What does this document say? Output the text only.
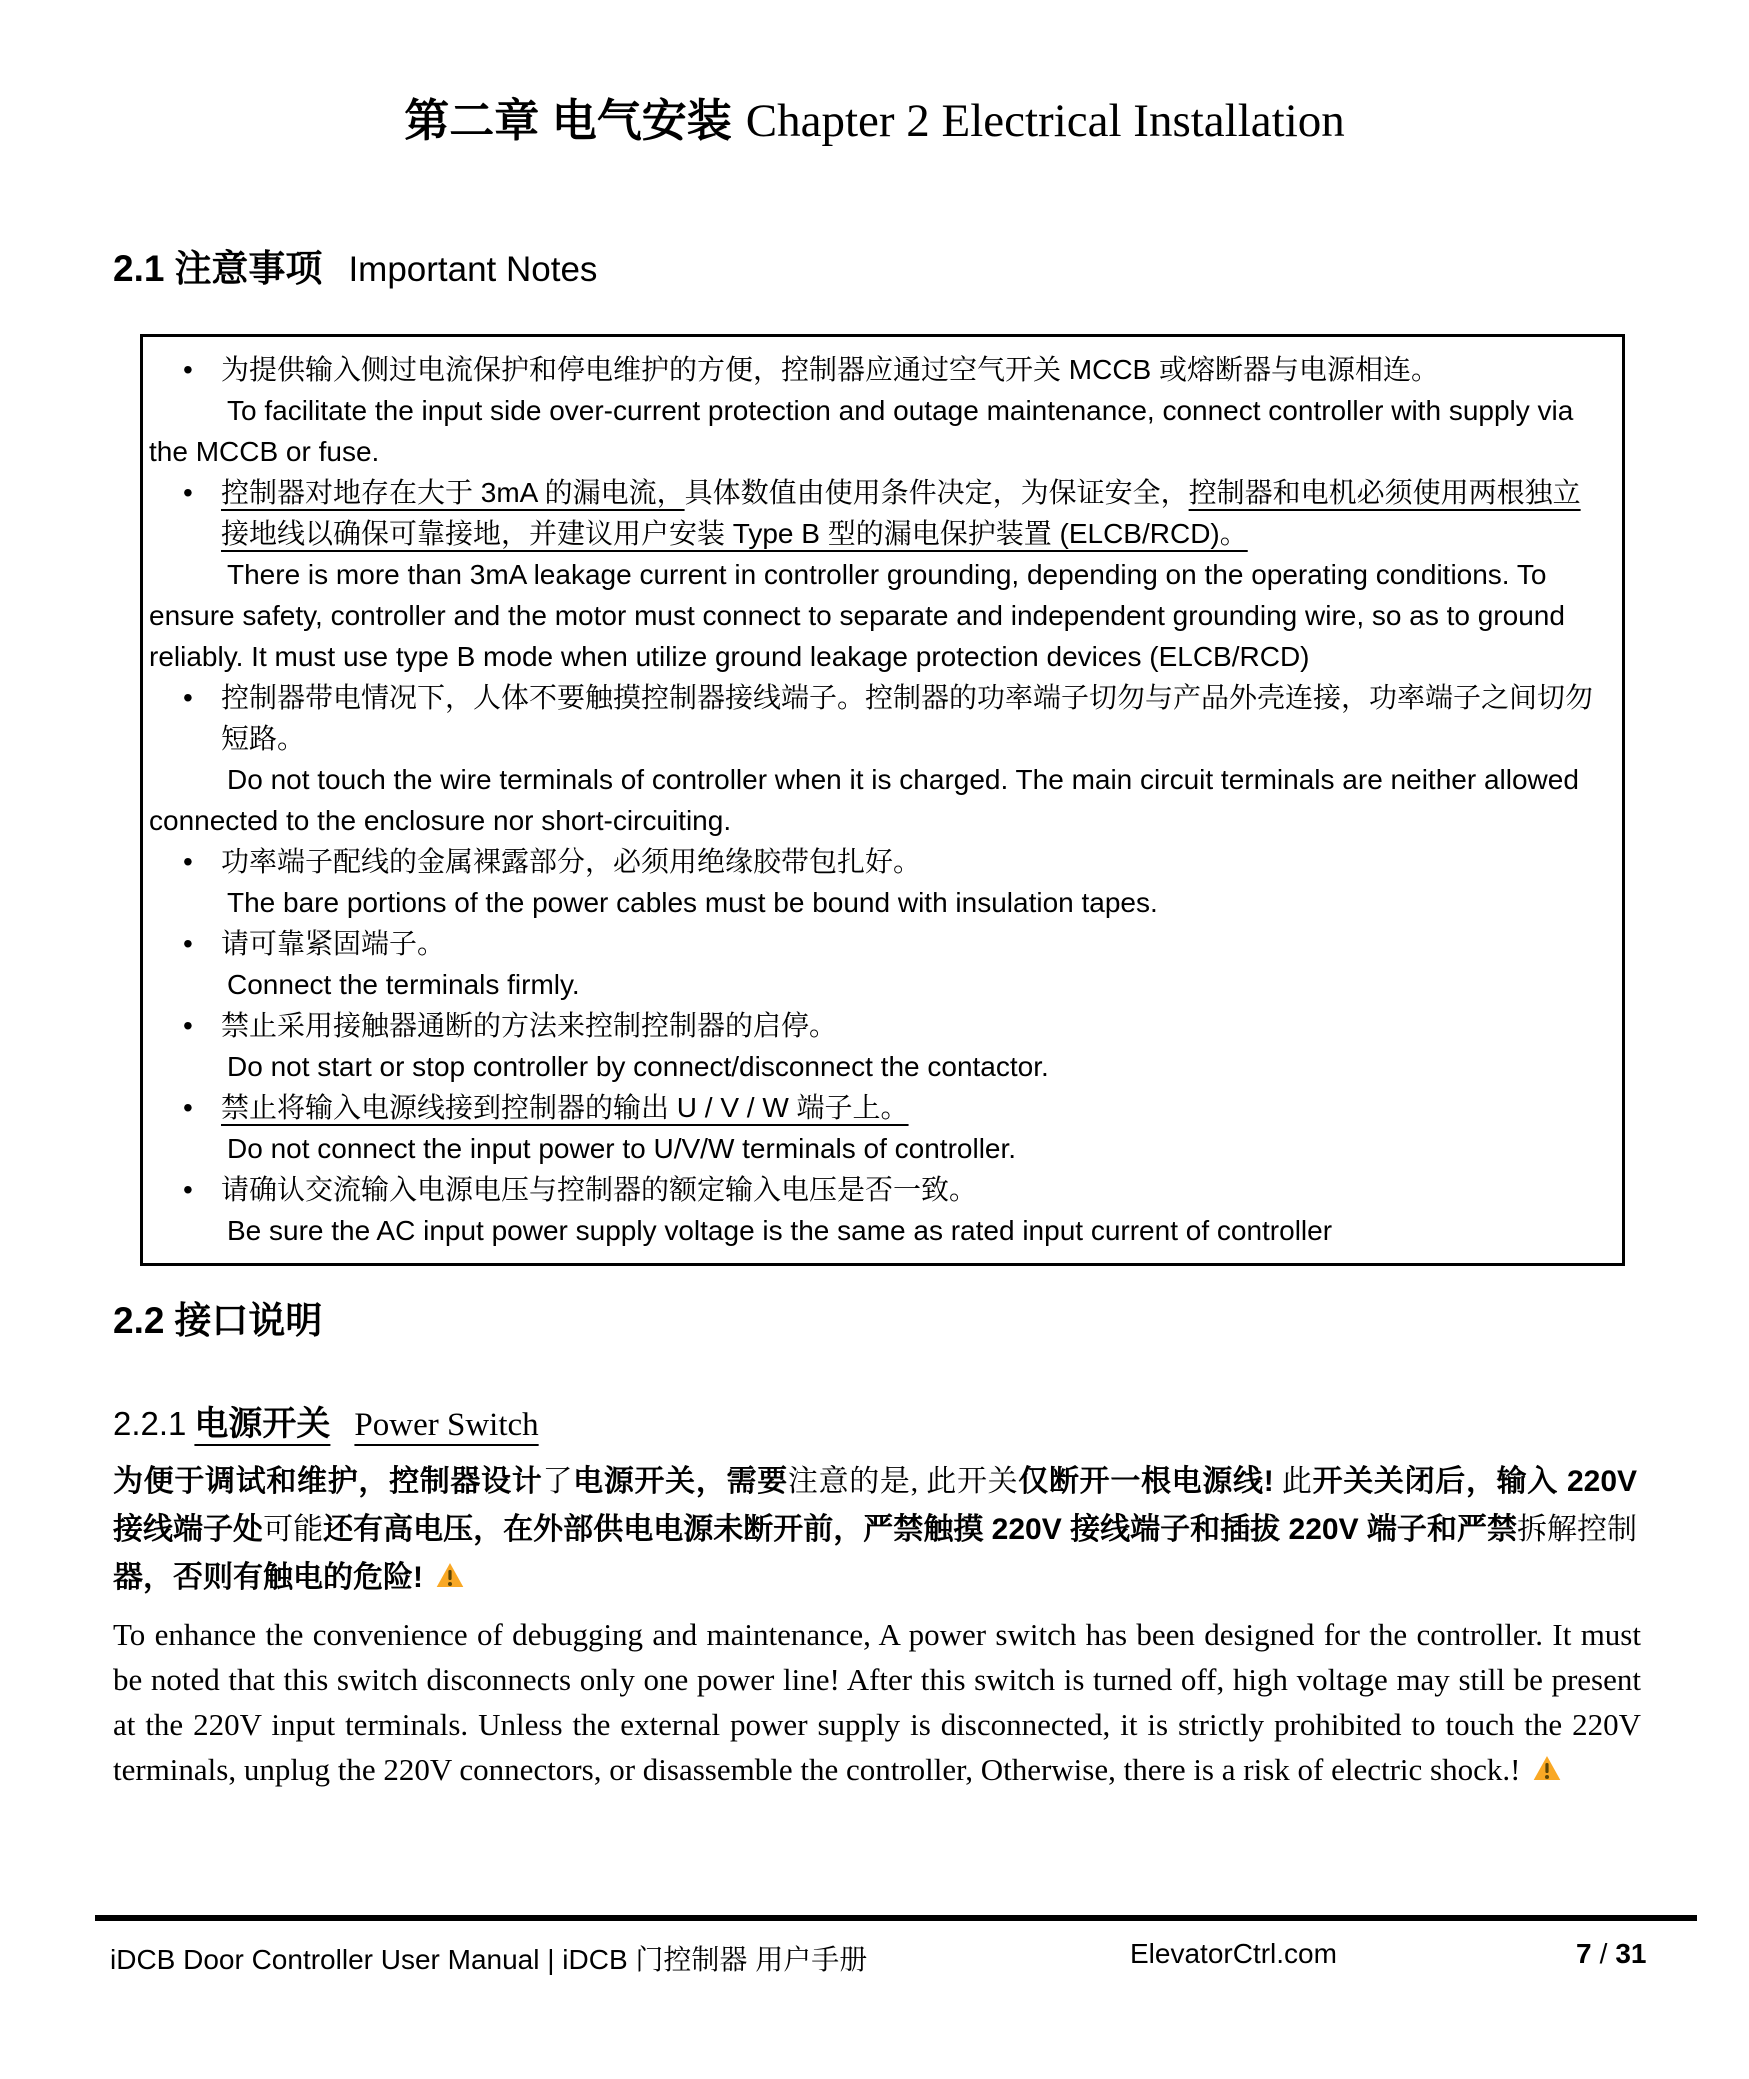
第二章 电气安装 Chapter 2 Electrical Installation
2.1 注意事项 Important Notes
• 为提供输入侧过电流保护和停电维护的方便，控制器应通过空气开关 MCCB 或熔断器与电源相连。
To facilitate the input side over-current protection and outage maintenance, connect controller with supply via the MCCB or fuse.
• 控制器对地存在大于 3mA 的漏电流，具体数值由使用条件决定，为保证安全，控制器和电机必须使用两根独立接地线以确保可靠接地，并建议用户安装 Type B 型的漏电保护装置 (ELCB/RCD)。
There is more than 3mA leakage current in controller grounding, depending on the operating conditions. To ensure safety, controller and the motor must connect to separate and independent grounding wire, so as to ground reliably. It must use type B mode when utilize ground leakage protection devices (ELCB/RCD)
• 控制器带电情况下，人体不要触摸控制器接线端子。控制器的功率端子切勿与产品外壳连接，功率端子之间切勿短路。
Do not touch the wire terminals of controller when it is charged. The main circuit terminals are neither allowed connected to the enclosure nor short-circuiting.
• 功率端子配线的金属裸露部分，必须用绝缘胶带包扎好。
The bare portions of the power cables must be bound with insulation tapes.
• 请可靠紧固端子。
Connect the terminals firmly.
• 禁止采用接触器通断的方法来控制控制器的启停。
Do not start or stop controller by connect/disconnect the contactor.
• 禁止将输入电源线接到控制器的输出 U / V / W 端子上。
Do not connect the input power to U/V/W terminals of controller.
• 请确认交流输入电源电压与控制器的额定输入电压是否一致。
Be sure the AC input power supply voltage is the same as rated input current of controller
2.2 接口说明
2.2.1 电源开关 Power Switch
为便于调试和维护，控制器设计了电源开关，需要注意的是, 此开关仅断开一根电源线! 此开关关闭后，输入 220V 接线端子处可能还有高电压，在外部供电电源未断开前，严禁触摸 220V 接线端子和插拔 220V 端子和严禁拆解控制器，否则有触电的危险!
To enhance the convenience of debugging and maintenance, A power switch has been designed for the controller. It must be noted that this switch disconnects only one power line! After this switch is turned off, high voltage may still be present at the 220V input terminals. Unless the external power supply is disconnected, it is strictly prohibited to touch the 220V terminals, unplug the 220V connectors, or disassemble the controller, Otherwise, there is a risk of electric shock.!
iDCB Door Controller User Manual | iDCB 门控制器 用户手册	ElevatorCtrl.com	7 / 31
